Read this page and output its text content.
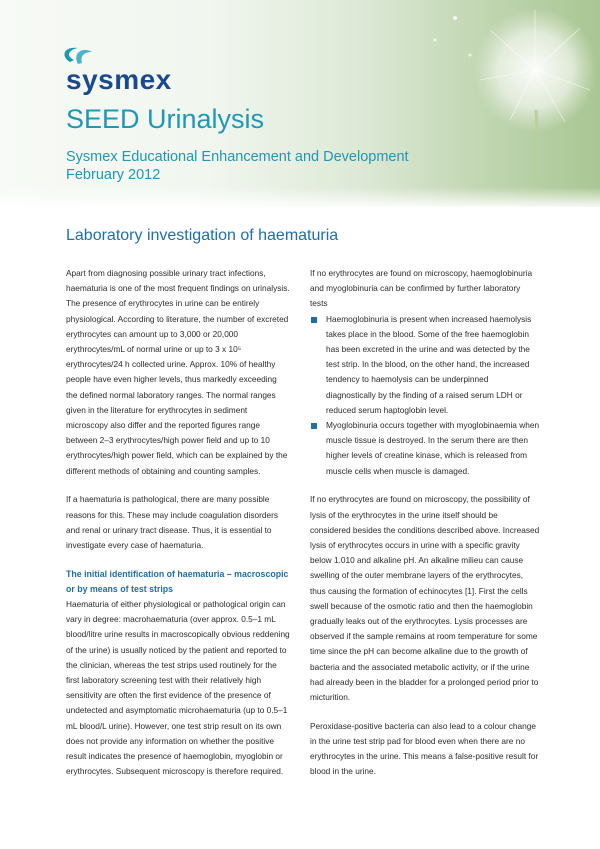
sysmex
SEED Urinalysis
Sysmex Educational Enhancement and Development
February 2012
Laboratory investigation of haematuria

Apart from diagnosing possible urinary tract infections, haematuria is one of the most frequent findings on urinalysis. The presence of erythrocytes in urine can be entirely physiological. According to literature, the number of excreted erythrocytes can amount up to 3,000 or 20,000 erythrocytes/mL of normal urine or up to 3 x 10⁵ erythrocytes/24 h collected urine. Approx. 10% of healthy people have even higher levels, thus markedly exceeding the defined normal laboratory ranges. The normal ranges given in the literature for erythrocytes in sediment microscopy also differ and the reported figures range between 2–3 erythrocytes/high power field and up to 10 erythrocytes/high power field, which can be explained by the different methods of obtaining and counting samples.

If a haematuria is pathological, there are many possible reasons for this. These may include coagulation disorders and renal or urinary tract disease. Thus, it is essential to investigate every case of haematuria.

The initial identification of haematuria – macroscopic or by means of test strips

Haematuria of either physiological or pathological origin can vary in degree: macrohaematuria (over approx. 0.5–1 mL blood/litre urine results in macroscopically obvious reddening of the urine) is usually noticed by the patient and reported to the clinician, whereas the test strips used routinely for the first laboratory screening test with their relatively high sensitivity are often the first evidence of the presence of undetected and asymptomatic microhaematuria (up to 0.5–1 mL blood/L urine). However, one test strip result on its own does not provide any information on whether the positive result indicates the presence of haemoglobin, myoglobin or erythrocytes. Subsequent microscopy is therefore required.

If no erythrocytes are found on microscopy, haemoglobinuria and myoglobinuria can be confirmed by further laboratory tests

Haemoglobinuria is present when increased haemolysis takes place in the blood. Some of the free haemoglobin has been excreted in the urine and was detected by the test strip. In the blood, on the other hand, the increased tendency to haemolysis can be underpinned diagnostically by the finding of a raised serum LDH or reduced serum haptoglobin level.
Myoglobinuria occurs together with myoglobinaemia when muscle tissue is destroyed. In the serum there are then higher levels of creatine kinase, which is released from muscle cells when muscle is damaged.

If no erythrocytes are found on microscopy, the possibility of lysis of the erythrocytes in the urine itself should be considered besides the conditions described above. Increased lysis of erythrocytes occurs in urine with a specific gravity below 1.010 and alkaline pH. An alkaline milieu can cause swelling of the outer membrane layers of the erythrocytes, thus causing the formation of echinocytes [1]. First the cells swell because of the osmotic ratio and then the haemoglobin gradually leaks out of the erythrocytes. Lysis processes are observed if the sample remains at room temperature for some time since the pH can become alkaline due to the growth of bacteria and the associated metabolic activity, or if the urine had already been in the bladder for a prolonged period prior to micturition.

Peroxidase-positive bacteria can also lead to a colour change in the urine test strip pad for blood even when there are no erythrocytes in the urine. This means a false-positive result for blood in the urine.
